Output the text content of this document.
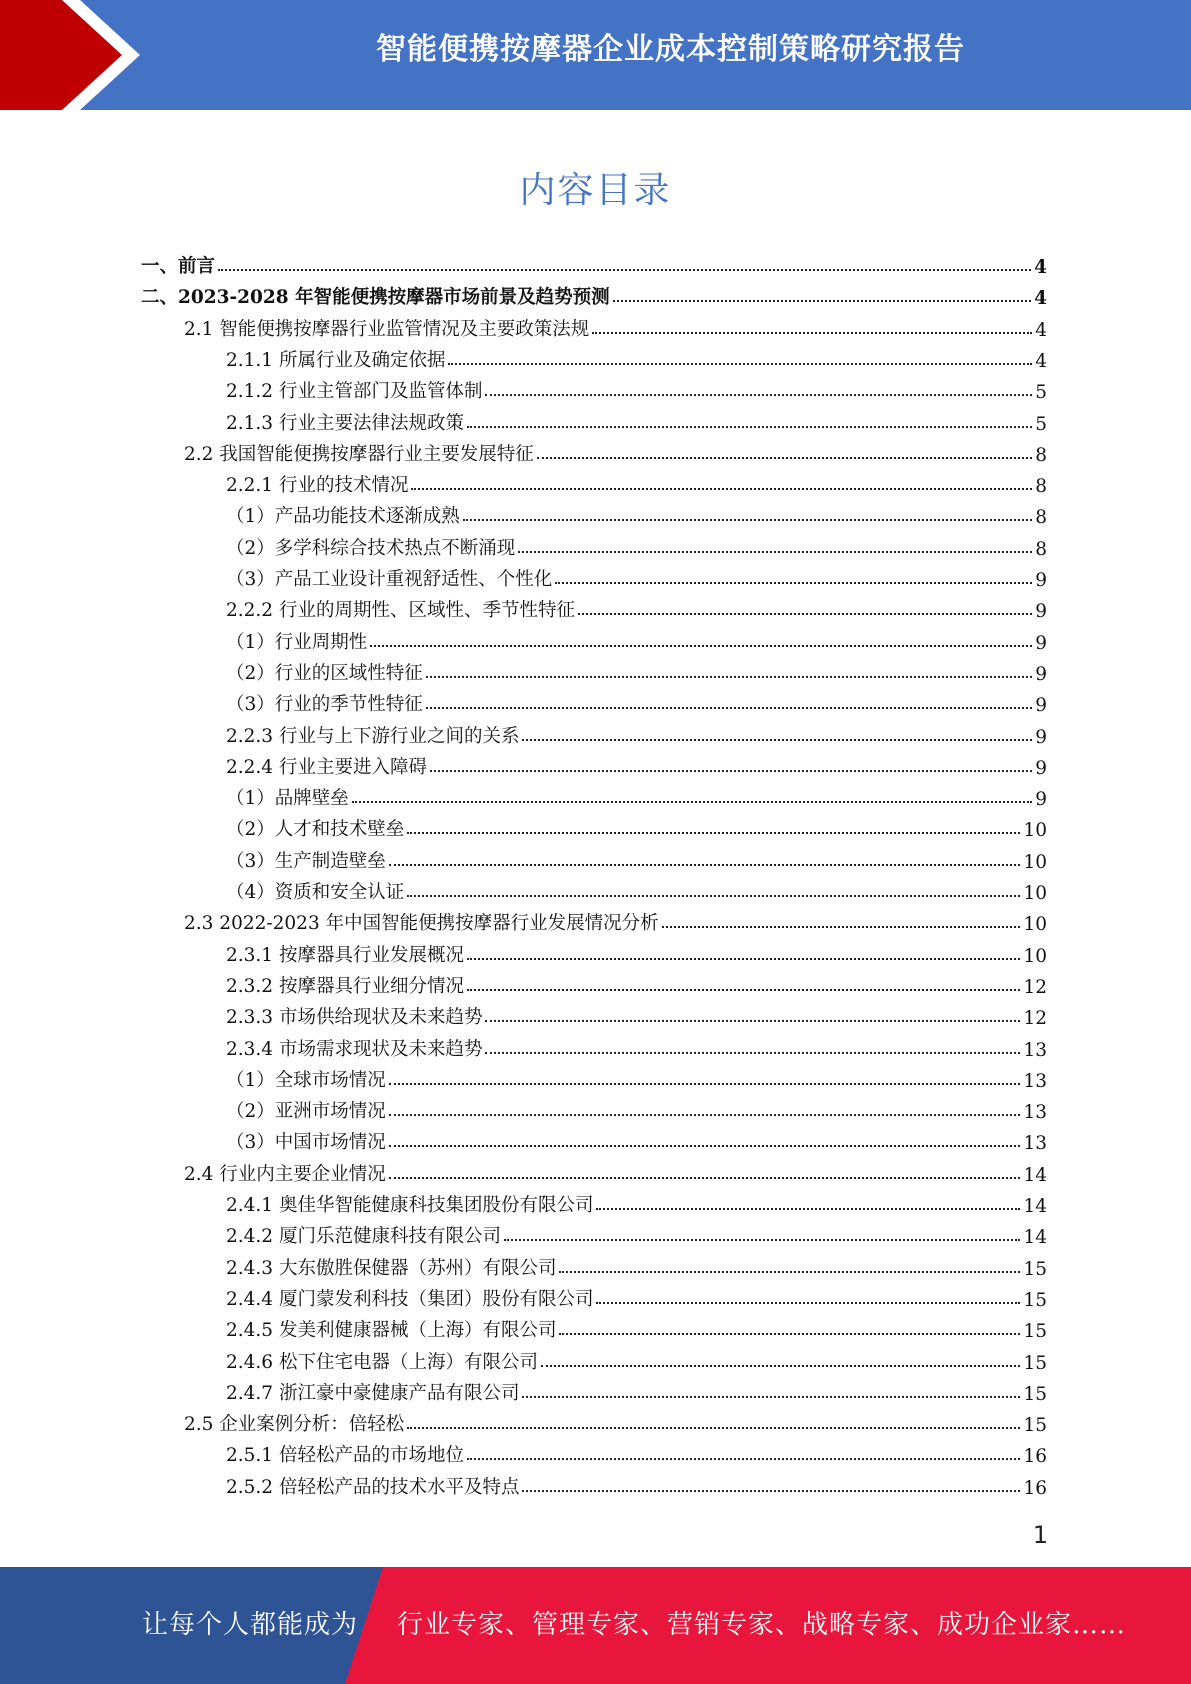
智能便携按摩器企业成本控制策略研究报告
内容目录
一、前言	4
二、2023-2028 年智能便携按摩器市场前景及趋势预测	4
2.1 智能便携按摩器行业监管情况及主要政策法规	4
2.1.1 所属行业及确定依据	4
2.1.2 行业主管部门及监管体制	5
2.1.3 行业主要法律法规政策	5
2.2 我国智能便携按摩器行业主要发展特征	8
2.2.1 行业的技术情况	8
（1）产品功能技术逐渐成熟	8
（2）多学科综合技术热点不断涌现	8
（3）产品工业设计重视舒适性、个性化	9
2.2.2 行业的周期性、区域性、季节性特征	9
（1）行业周期性	9
（2）行业的区域性特征	9
（3）行业的季节性特征	9
2.2.3 行业与上下游行业之间的关系	9
2.2.4 行业主要进入障碍	9
（1）品牌壁垒	9
（2）人才和技术壁垒	10
（3）生产制造壁垒	10
（4）资质和安全认证	10
2.3 2022-2023 年中国智能便携按摩器行业发展情况分析	10
2.3.1 按摩器具行业发展概况	10
2.3.2 按摩器具行业细分情况	12
2.3.3 市场供给现状及未来趋势	12
2.3.4 市场需求现状及未来趋势	13
（1）全球市场情况	13
（2）亚洲市场情况	13
（3）中国市场情况	13
2.4 行业内主要企业情况	14
2.4.1 奥佳华智能健康科技集团股份有限公司	14
2.4.2 厦门乐范健康科技有限公司	14
2.4.3 大东傲胜保健器（苏州）有限公司	15
2.4.4 厦门蒙发利科技（集团）股份有限公司	15
2.4.5 发美利健康器械（上海）有限公司	15
2.4.6 松下住宅电器（上海）有限公司	15
2.4.7 浙江豪中豪健康产品有限公司	15
2.5 企业案例分析：倍轻松	15
2.5.1 倍轻松产品的市场地位	16
2.5.2 倍轻松产品的技术水平及特点	16
1
让每个人都能成为 行业专家、管理专家、营销专家、战略专家、成功企业家……
